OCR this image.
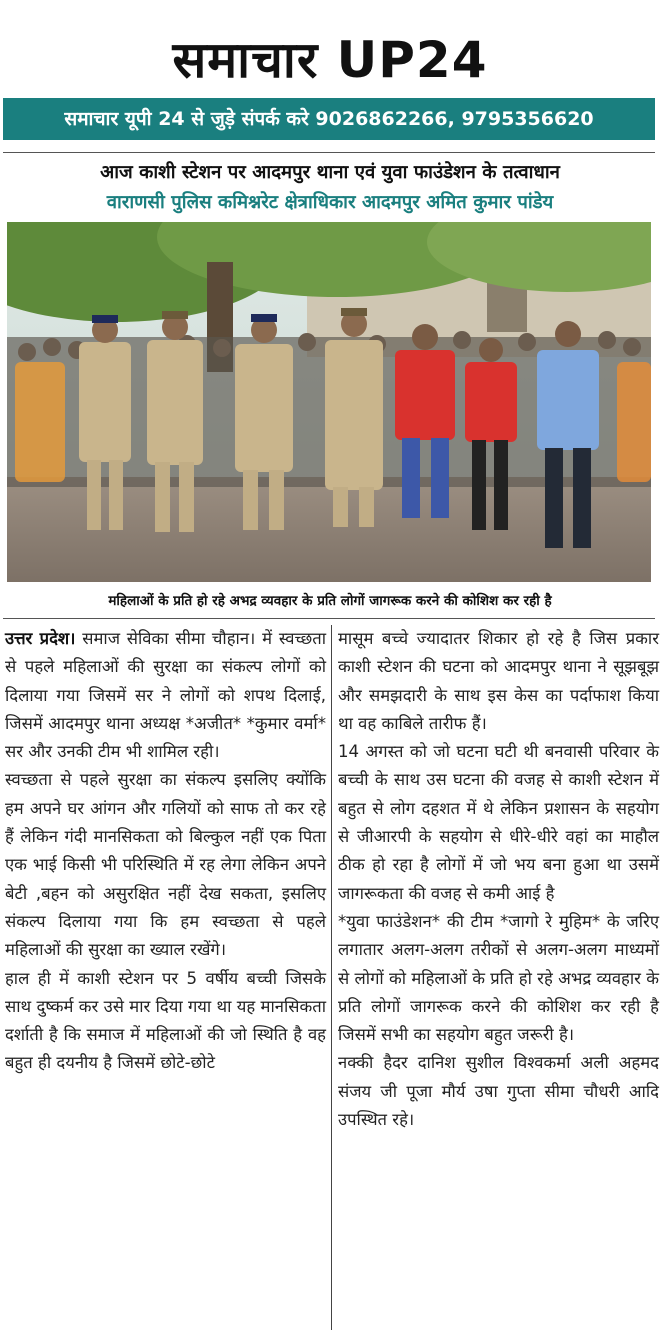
समाचार UP24
समाचार यूपी 24 से जुड़े संपर्क करे 9026862266, 9795356620
आज काशी स्टेशन पर आदमपुर थाना एवं युवा फाउंडेशन के तत्वाधान
वाराणसी पुलिस कमिश्नरेट क्षेत्राधिकार आदमपुर अमित कुमार पांडेय
महिलाओं के प्रति हो रहे अभद्र व्यवहार के प्रति लोगों जागरूक करने की कोशिश कर रही है

उत्तर प्रदेश। समाज सेविका सीमा चौहान। में स्वच्छता से पहले महिलाओं की सुरक्षा का संकल्प लोगों को दिलाया गया जिसमें सर ने लोगों को शपथ दिलाई, जिसमें आदमपुर थाना अध्यक्ष *अजीत* *कुमार वर्मा* सर और उनकी टीम भी शामिल रही।

स्वच्छता से पहले सुरक्षा का संकल्प इसलिए क्योंकि हम अपने घर आंगन और गलियों को साफ तो कर रहे हैं लेकिन गंदी मानसिकता को बिल्कुल नहीं एक पिता एक भाई किसी भी परिस्थिति में रह लेगा लेकिन अपने बेटी ,बहन को असुरक्षित नहीं देख सकता, इसलिए संकल्प दिलाया गया कि हम स्वच्छता से पहले महिलाओं की सुरक्षा का ख्याल रखेंगे।

हाल ही में काशी स्टेशन पर 5 वर्षीय बच्ची जिसके साथ दुष्कर्म कर उसे मार दिया गया था यह मानसिकता दर्शाती है कि समाज में महिलाओं की जो स्थिति है वह बहुत ही दयनीय है जिसमें छोटे-छोटे

मासूम बच्चे ज्यादातर शिकार हो रहे है जिस प्रकार काशी स्टेशन की घटना को आदमपुर थाना ने सूझबूझ और समझदारी के साथ इस केस का पर्दाफाश किया था वह काबिले तारीफ हैं।

14 अगस्त को जो घटना घटी थी बनवासी परिवार के बच्ची के साथ उस घटना की वजह से काशी स्टेशन में बहुत से लोग दहशत में थे लेकिन प्रशासन के सहयोग से जीआरपी के सहयोग से धीरे-धीरे वहां का माहौल ठीक हो रहा है लोगों में जो भय बना हुआ था उसमें जागरूकता की वजह से कमी आई है

*युवा फाउंडेशन* की टीम *जागो रे मुहिम* के जरिए लगातार अलग-अलग तरीकों से अलग-अलग माध्यमों से लोगों को महिलाओं के प्रति हो रहे अभद्र व्यवहार के प्रति लोगों जागरूक करने की कोशिश कर रही है जिसमें सभी का सहयोग बहुत जरूरी है।

नक्की हैदर दानिश सुशील विश्वकर्मा अली अहमद संजय जी पूजा मौर्य उषा गुप्ता सीमा चौधरी आदि उपस्थित रहे।
